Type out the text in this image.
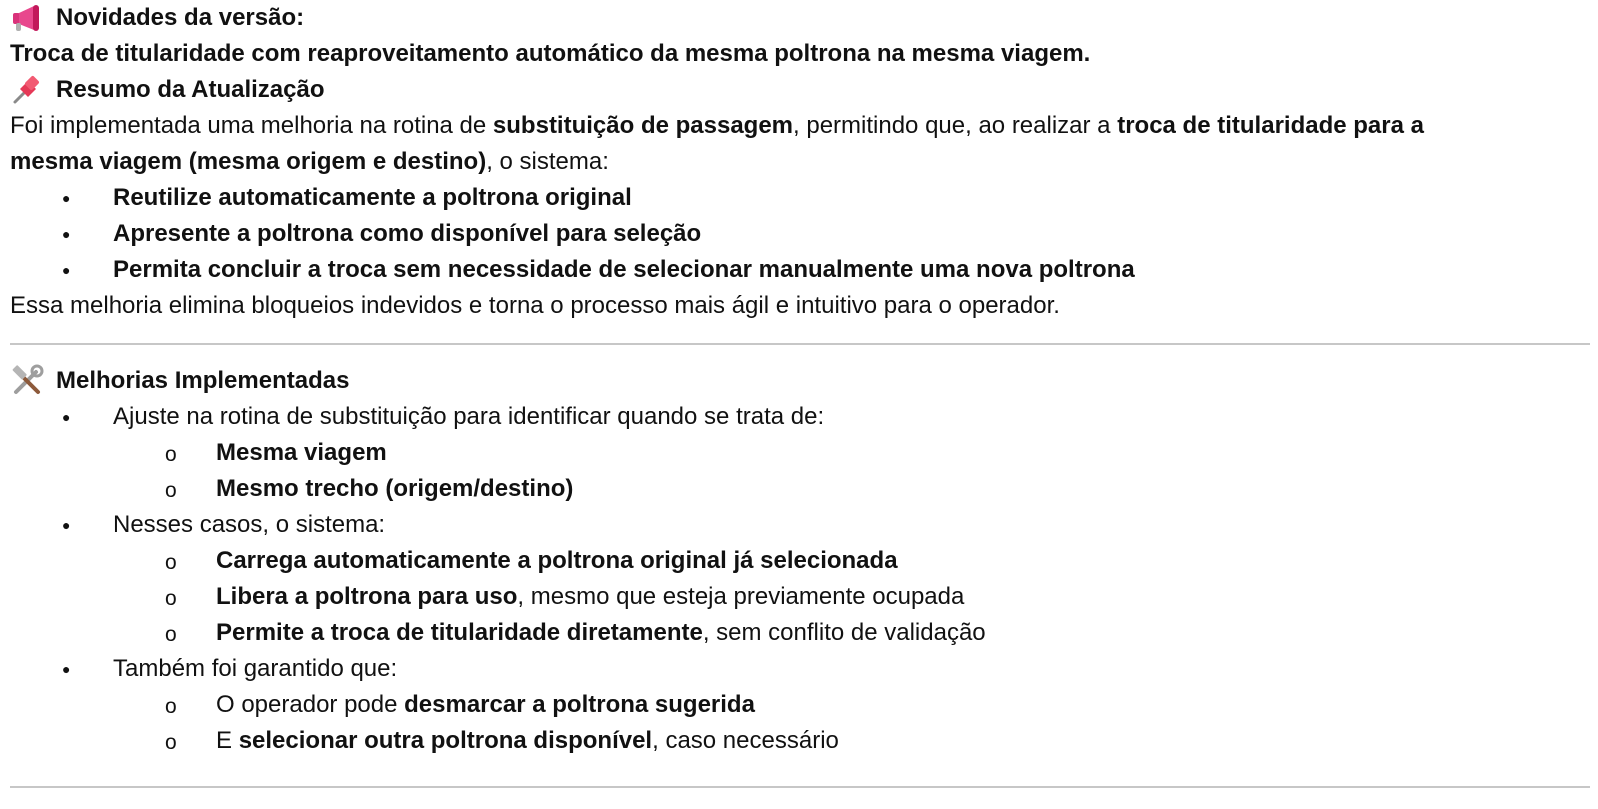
Novidades da versão:
Troca de titularidade com reaproveitamento automático da mesma poltrona na mesma viagem.
Resumo da Atualização
Foi implementada uma melhoria na rotina de substituição de passagem, permitindo que, ao realizar a troca de titularidade para a
mesma viagem (mesma origem e destino), o sistema:
● Reutilize automaticamente a poltrona original
● Apresente a poltrona como disponível para seleção
● Permita concluir a troca sem necessidade de selecionar manualmente uma nova poltrona
Essa melhoria elimina bloqueios indevidos e torna o processo mais ágil e intuitivo para o operador.
Melhorias Implementadas
● Ajuste na rotina de substituição para identificar quando se trata de:
o Mesma viagem
o Mesmo trecho (origem/destino)
● Nesses casos, o sistema:
o Carrega automaticamente a poltrona original já selecionada
o Libera a poltrona para uso, mesmo que esteja previamente ocupada
o Permite a troca de titularidade diretamente, sem conflito de validação
● Também foi garantido que:
o O operador pode desmarcar a poltrona sugerida
o E selecionar outra poltrona disponível, caso necessário
